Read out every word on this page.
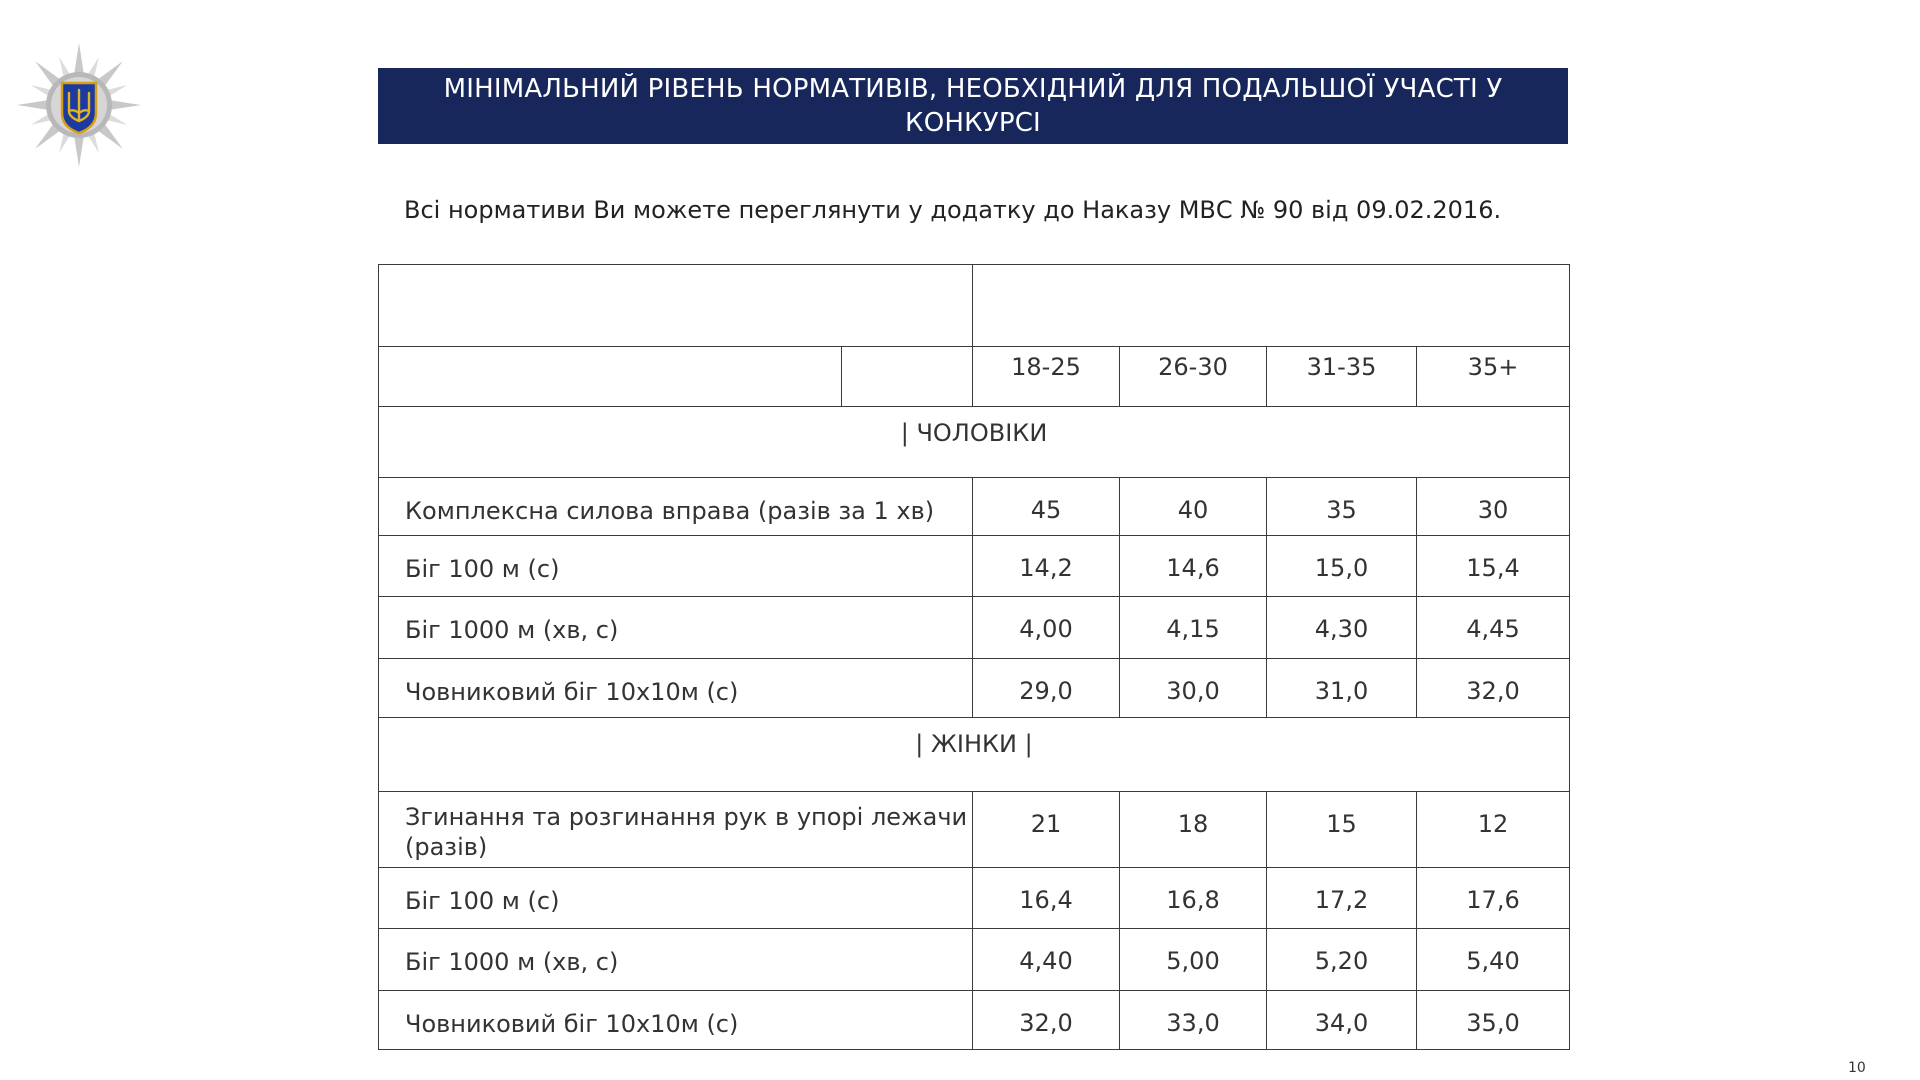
МІНІМАЛЬНИЙ РІВЕНЬ НОРМАТИВІВ, НЕОБХІДНИЙ ДЛЯ ПОДАЛЬШОЇ УЧАСТІ У КОНКУРСІ
Всі нормативи Ви можете переглянути у додатку до Наказу МВС № 90 від 09.02.2016.

		18-25	26-30	31-35	35+
| ЧОЛОВІКИ					
Комплексна силова вправа (разів за 1 хв)		45	40	35	30
Біг 100 м (с)		14,2	14,6	15,0	15,4
Біг 1000 м (хв, с)		4,00	4,15	4,30	4,45
Човниковий біг 10х10м (с)		29,0	30,0	31,0	32,0
| ЖІНКИ |					
Згинання та розгинання рук в упорі лежачи (разів)		21	18	15	12
Біг 100 м (с)		16,4	16,8	17,2	17,6
Біг 1000 м (хв, с)		4,40	5,00	5,20	5,40
Човниковий біг 10х10м (с)		32,0	33,0	34,0	35,0
10
